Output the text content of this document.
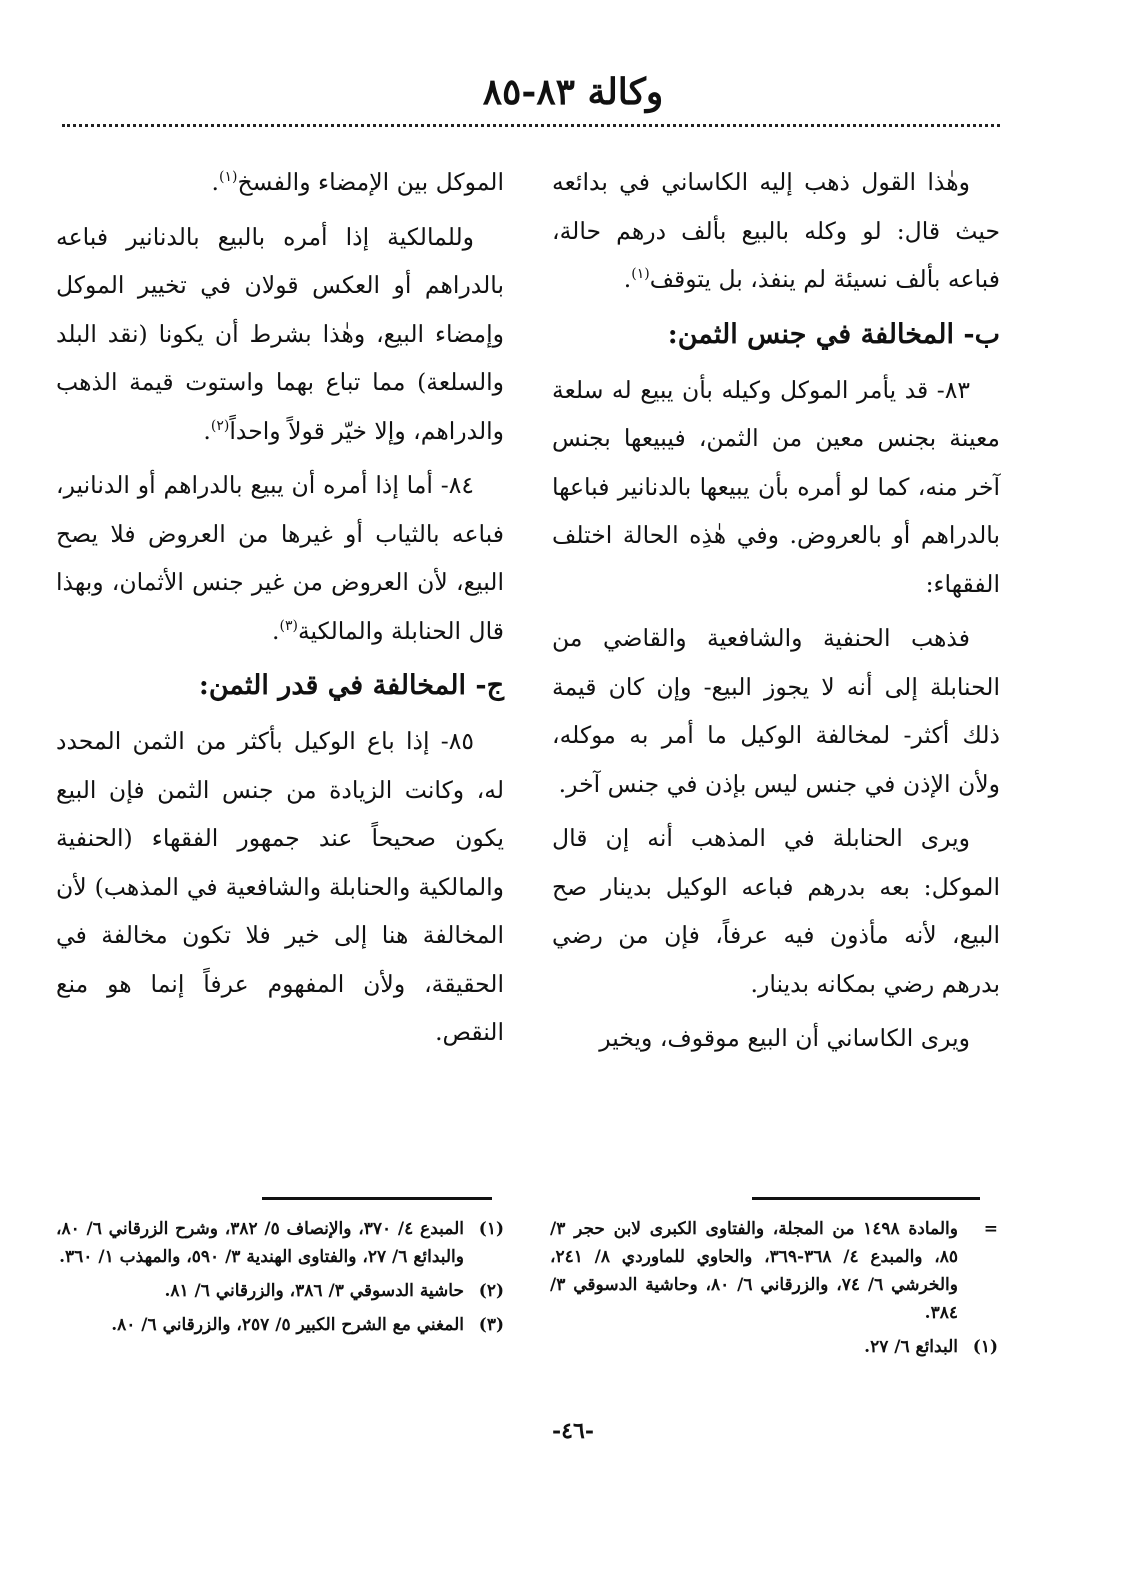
وكالة ٨٣-٨٥

وهٰذا القول ذهب إليه الكاساني في بدائعه حيث قال: لو وكله بالبيع بألف درهم حالة، فباعه بألف نسيئة لم ينفذ، بل يتوقف$^{(١)}$.

ب- المخالفة في جنس الثمن:

٨٣- قد يأمر الموكل وكيله بأن يبيع له سلعة معينة بجنس معين من الثمن، فيبيعها بجنس آخر منه، كما لو أمره بأن يبيعها بالدنانير فباعها بالدراهم أو بالعروض. وفي هٰذِه الحالة اختلف الفقهاء:

فذهب الحنفية والشافعية والقاضي من الحنابلة إلى أنه لا يجوز البيع- وإن كان قيمة ذلك أكثر- لمخالفة الوكيل ما أمر به موكله، ولأن الإذن في جنس ليس بإذن في جنس آخر.

ويرى الحنابلة في المذهب أنه إن قال الموكل: بعه بدرهم فباعه الوكيل بدينار صح البيع، لأنه مأذون فيه عرفاً، فإن من رضي بدرهم رضي بمكانه بدينار.

ويرى الكاساني أن البيع موقوف، ويخير

الموكل بين الإمضاء والفسخ$^{(١)}$.

وللمالكية إذا أمره بالبيع بالدنانير فباعه بالدراهم أو العكس قولان في تخيير الموكل وإمضاء البيع، وهٰذا بشرط أن يكونا (نقد البلد والسلعة) مما تباع بهما واستوت قيمة الذهب والدراهم، وإلا خيّر قولاً واحداً$^{(٢)}$.

٨٤- أما إذا أمره أن يبيع بالدراهم أو الدنانير، فباعه بالثياب أو غيرها من العروض فلا يصح البيع، لأن العروض من غير جنس الأثمان، وبهذا قال الحنابلة والمالكية$^{(٣)}$.

ج- المخالفة في قدر الثمن:

٨٥- إذا باع الوكيل بأكثر من الثمن المحدد له، وكانت الزيادة من جنس الثمن فإن البيع يكون صحيحاً عند جمهور الفقهاء (الحنفية والمالكية والحنابلة والشافعية في المذهب) لأن المخالفة هنا إلى خير فلا تكون مخالفة في الحقيقة، ولأن المفهوم عرفاً إنما هو منع النقص.

=
والمادة ١٤٩٨ من المجلة، والفتاوى الكبرى لابن حجر ٣/ ٨٥، والمبدع ٤/ ٣٦٨-٣٦٩، والحاوي للماوردي ٨/ ٢٤١، والخرشي ٦/ ٧٤، والزرقاني ٦/ ٨٠، وحاشية الدسوقي ٣/ ٣٨٤.
(١)
البدائع ٦/ ٢٧.
(١)
المبدع ٤/ ٣٧٠، والإنصاف ٥/ ٣٨٢، وشرح الزرقاني ٦/ ٨٠، والبدائع ٦/ ٢٧، والفتاوى الهندية ٣/ ٥٩٠، والمهذب ١/ ٣٦٠.
(٢)
حاشية الدسوقي ٣/ ٣٨٦، والزرقاني ٦/ ٨١.
(٣)
المغني مع الشرح الكبير ٥/ ٢٥٧، والزرقاني ٦/ ٨٠.
-٤٦-
